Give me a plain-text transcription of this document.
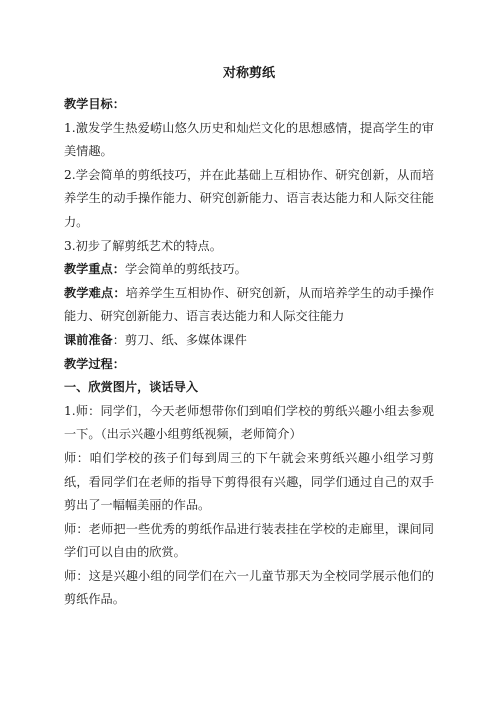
对称剪纸

教学目标：

1.激发学生热爱崂山悠久历史和灿烂文化的思想感情，提高学生的审美情趣。

2.学会简单的剪纸技巧，并在此基础上互相协作、研究创新，从而培养学生的动手操作能力、研究创新能力、语言表达能力和人际交往能力。

3.初步了解剪纸艺术的特点。

教学重点：学会简单的剪纸技巧。

教学难点：培养学生互相协作、研究创新，从而培养学生的动手操作能力、研究创新能力、语言表达能力和人际交往能力

课前准备：剪刀、纸、多媒体课件

教学过程：

一、欣赏图片，谈话导入

1.师：同学们，今天老师想带你们到咱们学校的剪纸兴趣小组去参观一下。（出示兴趣小组剪纸视频，老师简介）

师：咱们学校的孩子们每到周三的下午就会来剪纸兴趣小组学习剪纸，看同学们在老师的指导下剪得很有兴趣，同学们通过自己的双手剪出了一幅幅美丽的作品。

师：老师把一些优秀的剪纸作品进行装表挂在学校的走廊里，课间同学们可以自由的欣赏。

师：这是兴趣小组的同学们在六一儿童节那天为全校同学展示他们的剪纸作品。
